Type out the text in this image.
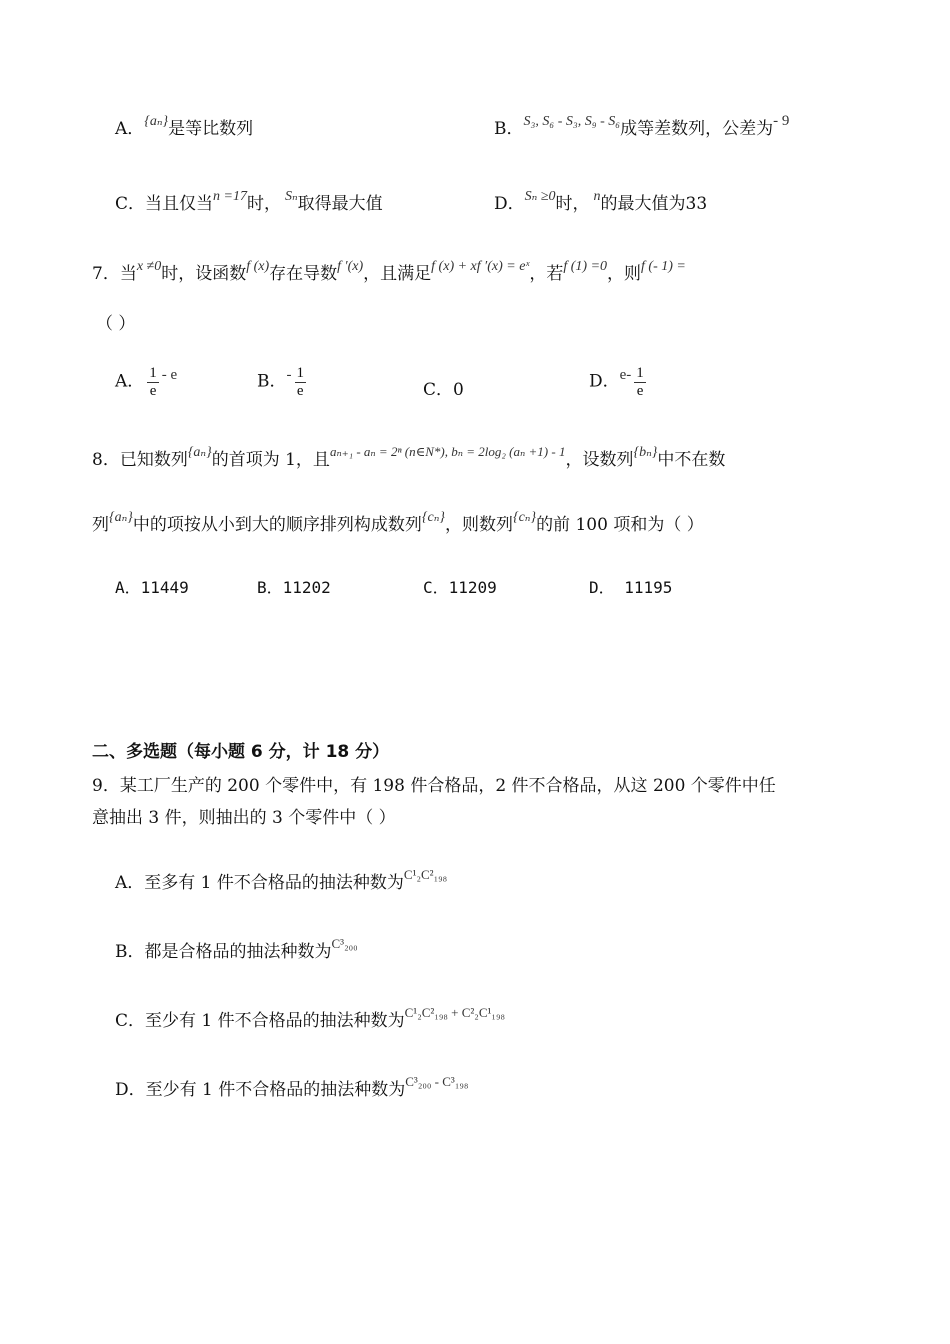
A．$^{\{a_n\}}$是等比数列	B．$^{S_3, S_6 - S_3, S_9 - S_6}$成等差数列，公差为- 9
C．当且仅当$^{n =17}$时， $^{S_n}$取得最大值	D．$^{S_n \ge 0}$时， $^n$的最大值为33
7．当$^{x \ne 0}$时，设函数$^{f (x)}$存在导数$^{f '(x)}$，且满足$^{f (x) + xf '(x) = eˣ}$，若$^{f (1) =0}$，则$^{f (- 1) =}$
（ ）
A． $\frac{1}{e}$ - e	B．- $\frac{1}{e}$	C．0	D．$e- \frac{1}{e}$
8．已知数列$^{\{a_n\}}$的首项为 1，且$^{a_{n+1} - a_n = 2^n (n\in N*), b_n = 2log_2 (a_n +1) - 1}$，设数列$^{\{b_n\}}$中不在数
列$^{\{a_n\}}$中的项按从小到大的顺序排列构成数列$^{\{c_n\}}$，则数列$^{\{c_n\}}$的前 100 项和为（ ）
A．11449	B．11202	C．11209	D． 11195
二、多选题（每小题 6 分，计 18 分）
9．某工厂生产的 200 个零件中，有 198 件合格品，2 件不合格品，从这 200 个零件中任
意抽出 3 件，则抽出的 3 个零件中（ ）
A．至多有 1 件不合格品的抽法种数为$^{C^1_2C^2_{198}}$
B．都是合格品的抽法种数为$^{C^3_{200}}$
C．至少有 1 件不合格品的抽法种数为$^{C^1_2C^2_{198} + C^2_2C^1_{198}}$
D．至少有 1 件不合格品的抽法种数为$^{C^3_{200} - C^3_{198}}$
